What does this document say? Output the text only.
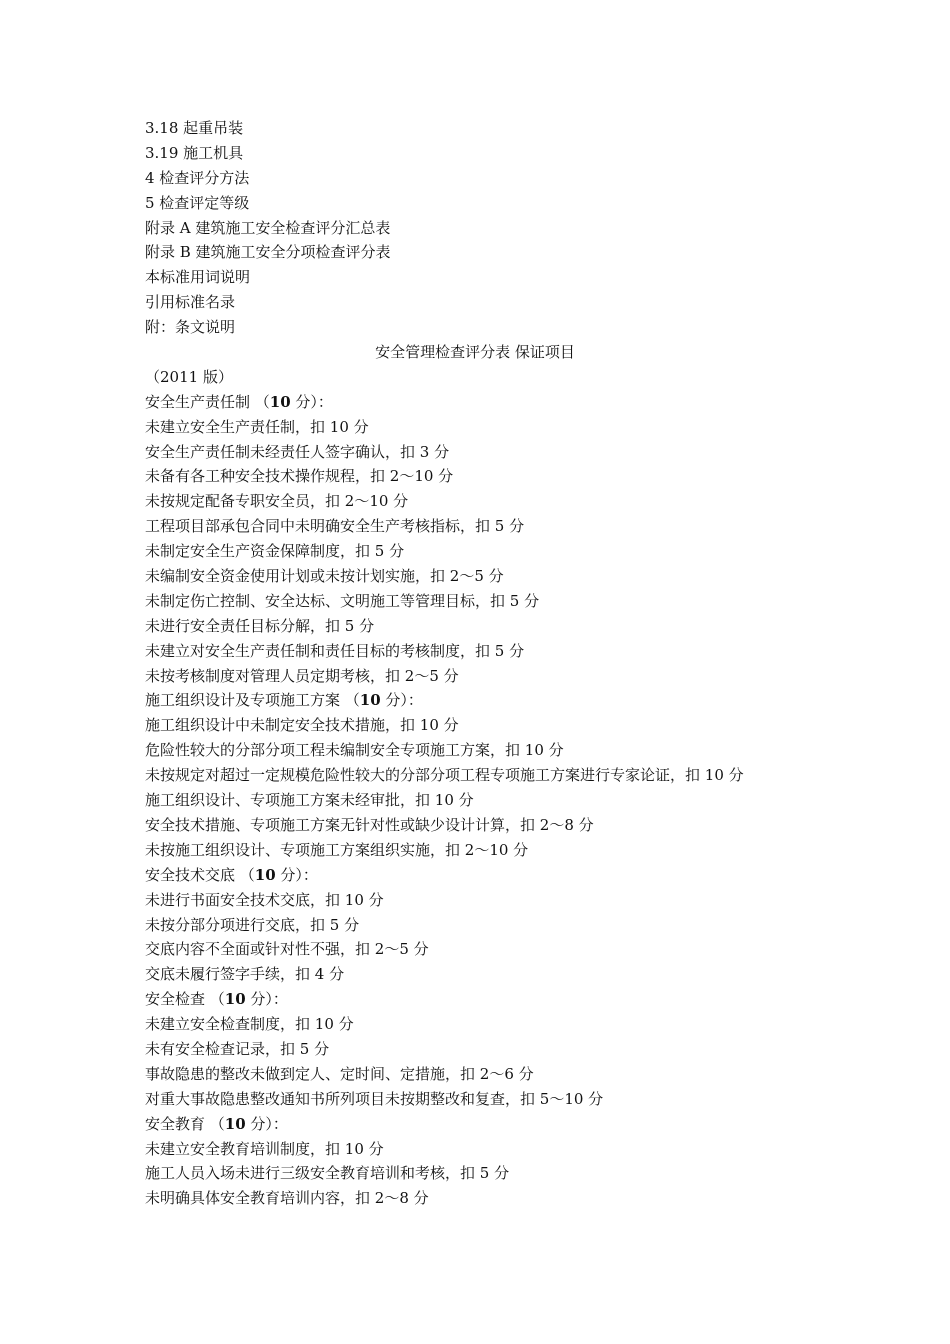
3.18 起重吊装
3.19 施工机具
4 检查评分方法
5 检查评定等级
附录 A 建筑施工安全检查评分汇总表
附录 B 建筑施工安全分项检查评分表
本标准用词说明
引用标准名录
附：条文说明
安全管理检查评分表 保证项目
（2011 版）
安全生产责任制 （10 分）：
未建立安全生产责任制，扣 10 分
安全生产责任制未经责任人签字确认，扣 3 分
未备有各工种安全技术操作规程，扣 2～10 分
未按规定配备专职安全员，扣 2～10 分
工程项目部承包合同中未明确安全生产考核指标，扣 5 分
未制定安全生产资金保障制度，扣 5 分
未编制安全资金使用计划或未按计划实施，扣 2～5 分
未制定伤亡控制、安全达标、文明施工等管理目标，扣 5 分
未进行安全责任目标分解，扣 5 分
未建立对安全生产责任制和责任目标的考核制度，扣 5 分
未按考核制度对管理人员定期考核，扣 2～5 分
施工组织设计及专项施工方案 （10 分）：
施工组织设计中未制定安全技术措施，扣 10 分
危险性较大的分部分项工程未编制安全专项施工方案，扣 10 分
未按规定对超过一定规模危险性较大的分部分项工程专项施工方案进行专家论证，扣 10 分
施工组织设计、专项施工方案未经审批，扣 10 分
安全技术措施、专项施工方案无针对性或缺少设计计算，扣 2～8 分
未按施工组织设计、专项施工方案组织实施，扣 2～10 分
安全技术交底 （10 分）：
未进行书面安全技术交底，扣 10 分
未按分部分项进行交底，扣 5 分
交底内容不全面或针对性不强，扣 2～5 分
交底未履行签字手续，扣 4 分
安全检查 （10 分）：
未建立安全检查制度，扣 10 分
未有安全检查记录，扣 5 分
事故隐患的整改未做到定人、定时间、定措施，扣 2～6 分
对重大事故隐患整改通知书所列项目未按期整改和复查，扣 5～10 分
安全教育 （10 分）：
未建立安全教育培训制度，扣 10 分
施工人员入场未进行三级安全教育培训和考核，扣 5 分
未明确具体安全教育培训内容，扣 2～8 分
